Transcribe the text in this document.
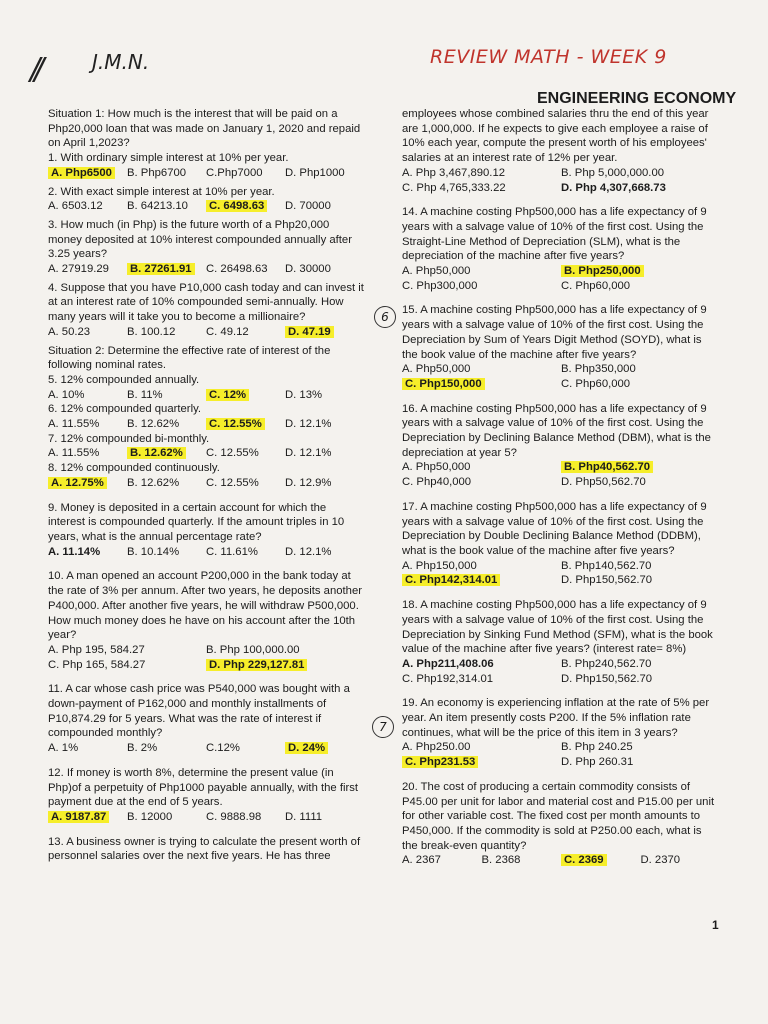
//	J.M.N.	REVIEW MATH - WEEK 9
ENGINEERING ECONOMY
6
7

Situation 1: How much is the interest that will be paid on a Php20,000 loan that was made on January 1, 2020 and repaid on April 1,2023?

1. With ordinary simple interest at 10% per year.

A. Php6500	B. Php6700	C.Php7000	D. Php1000

2. With exact simple interest at 10% per year.

A. 6503.12	B. 64213.10	C. 6498.63	D. 70000

3. How much (in Php) is the future worth of a Php20,000 money deposited at 10% interest compounded annually after 3.25 years?

A. 27919.29	B. 27261.91	C. 26498.63	D. 30000

4. Suppose that you have P10,000 cash today and can invest it at an interest rate of 10% compounded semi-annually. How many years will it take you to become a millionaire?

A. 50.23	B. 100.12	C. 49.12	D. 47.19

Situation 2: Determine the effective rate of interest of the following nominal rates.

5. 12% compounded annually.

A. 10%	B. 11%	C. 12%	D. 13%

6. 12% compounded quarterly.

A. 11.55%	B. 12.62%	C. 12.55%	D. 12.1%

7. 12% compounded bi-monthly.

A. 11.55%	B. 12.62%	C. 12.55%	D. 12.1%

8. 12% compounded continuously.

A. 12.75%	B. 12.62%	C. 12.55%	D. 12.9%

9. Money is deposited in a certain account for which the interest is compounded quarterly. If the amount triples in 10 years, what is the annual percentage rate?

A. 11.14%	B. 10.14%	C. 11.61%	D. 12.1%

10. A man opened an account P200,000 in the bank today at the rate of 3% per annum. After two years, he deposits another P400,000. After another five years, he will withdraw P500,000. How much money does he have on his account after the 10th year?

A. Php 195, 584.27	B. Php 100,000.00
C. Php 165, 584.27	D. Php 229,127.81

11. A car whose cash price was P540,000 was bought with a down-payment of P162,000 and monthly installments of P10,874.29 for 5 years. What was the rate of interest if compounded monthly?

A. 1%	B. 2%	C.12%	D. 24%

12. If money is worth 8%, determine the present value (in Php)of a perpetuity of Php1000 payable annually, with the first payment due at the end of 5 years.

A. 9187.87	B. 12000	C. 9888.98	D. 1111

13. A business owner is trying to calculate the present worth of personnel salaries over the next five years. He has three

employees whose combined salaries thru the end of this year are 1,000,000. If he expects to give each employee a raise of 10% each year, compute the present worth of his employees' salaries at an interest rate of 12% per year.

A. Php 3,467,890.12	B. Php 5,000,000.00
C. Php 4,765,333.22	D. Php 4,307,668.73

14. A machine costing Php500,000 has a life expectancy of 9 years with a salvage value of 10% of the first cost. Using the Straight-Line Method of Depreciation (SLM), what is the depreciation of the machine after five years?

A. Php50,000	B. Php250,000
C. Php300,000	C. Php60,000

15. A machine costing Php500,000 has a life expectancy of 9 years with a salvage value of 10% of the first cost. Using the Depreciation by Sum of Years Digit Method (SOYD), what is the book value of the machine after five years?

A. Php50,000	B. Php350,000
C. Php150,000	C. Php60,000

16. A machine costing Php500,000 has a life expectancy of 9 years with a salvage value of 10% of the first cost. Using the Depreciation by Declining Balance Method (DBM), what is the depreciation at year 5?

A. Php50,000	B. Php40,562.70
C. Php40,000	D. Php50,562.70

17. A machine costing Php500,000 has a life expectancy of 9 years with a salvage value of 10% of the first cost. Using the Depreciation by Double Declining Balance Method (DDBM), what is the book value of the machine after five years?

A. Php150,000	B. Php140,562.70
C. Php142,314.01	D. Php150,562.70

18. A machine costing Php500,000 has a life expectancy of 9 years with a salvage value of 10% of the first cost. Using the Depreciation by Sinking Fund Method (SFM), what is the book value of the machine after five years? (interest rate= 8%)

A. Php211,408.06	B. Php240,562.70
C. Php192,314.01	D. Php150,562.70

19. An economy is experiencing inflation at the rate of 5% per year. An item presently costs P200. If the 5% inflation rate continues, what will be the price of this item in 3 years?

A. Php250.00	B. Php 240.25
C. Php231.53	D. Php 260.31

20. The cost of producing a certain commodity consists of P45.00 per unit for labor and material cost and P15.00 per unit for other variable cost. The fixed cost per month amounts to P450,000. If the commodity is sold at P250.00 each, what is the break-even quantity?

A. 2367	B. 2368	C. 2369	D. 2370
1
